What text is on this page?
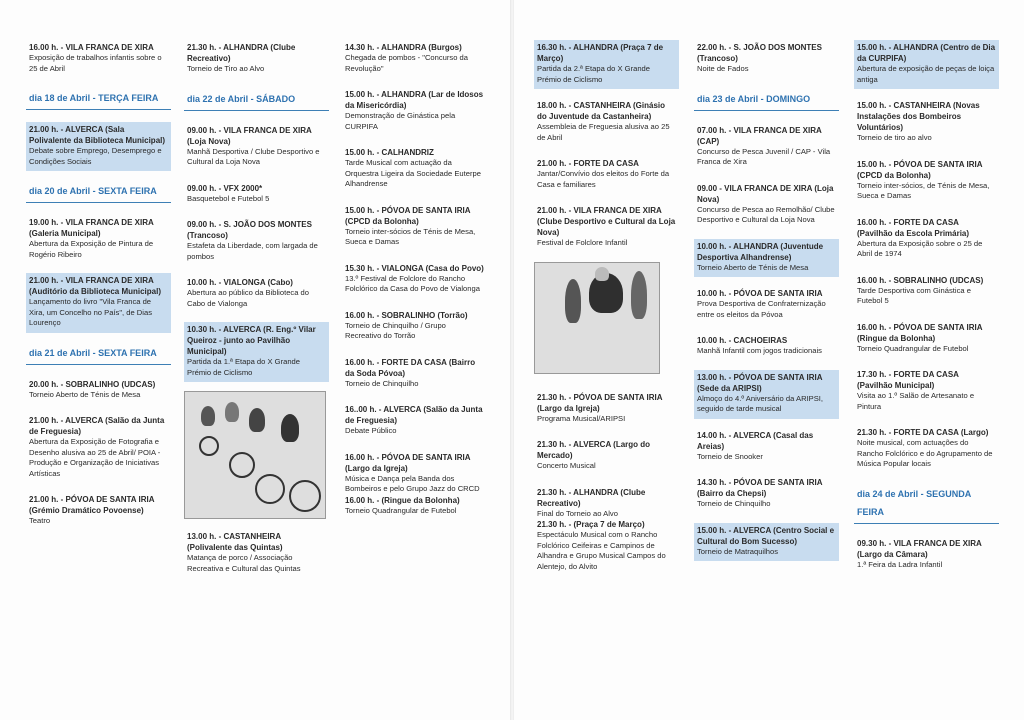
16.00 h. - VILA FRANCA DE XIRA

Exposição de trabalhos infantis sobre o 25 de Abril

dia 18 de Abril - TERÇA FEIRA

21.00 h. - ALVERCA (Sala Polivalente da Biblioteca Municipal)

Debate sobre Emprego, Desemprego e Condições Sociais

dia 20 de Abril - SEXTA FEIRA

19.00 h. - VILA FRANCA DE XIRA (Galeria Municipal)

Abertura da Exposição de Pintura de Rogério Ribeiro

21.00 h. - VILA FRANCA DE XIRA (Auditório da Biblioteca Municipal)

Lançamento do livro "Vila Franca de Xira, um Concelho no País", de Dias Lourenço

dia 21 de Abril - SEXTA FEIRA

20.00 h. - SOBRALINHO (UDCAS)

Torneio Aberto de Ténis de Mesa

21.00 h. - ALVERCA (Salão da Junta de Freguesia)

Abertura da Exposição de Fotografia e Desenho alusiva ao 25 de Abril/ POIA - Produção e Organização de Iniciativas Artísticas

21.00 h. - PÓVOA DE SANTA IRIA (Grémio Dramático Povoense)

Teatro

21.30 h. - ALHANDRA (Clube Recreativo)

Torneio de Tiro ao Alvo

dia 22 de Abril - SÁBADO

09.00 h. - VILA FRANCA DE XIRA (Loja Nova)

Manhã Desportiva / Clube Desportivo e Cultural da Loja Nova

09.00 h. - VFX 2000*

Basquetebol e Futebol 5

09.00 h. - S. JOÃO DOS MONTES (Trancoso)

Estafeta da Liberdade, com largada de pombos

10.00 h. - VIALONGA (Cabo)

Abertura ao público da Biblioteca do Cabo de Vialonga

10.30 h. - ALVERCA (R. Eng.º Vilar Queiroz - junto ao Pavilhão Municipal)

Partida da 1.ª Etapa do X Grande Prémio de Ciclismo

13.00 h. - CASTANHEIRA (Polivalente das Quintas)

Matança de porco / Associação Recreativa e Cultural das Quintas

14.30 h. - ALHANDRA (Burgos)

Chegada de pombos - "Concurso da Revolução"

15.00 h. - ALHANDRA (Lar de Idosos da Misericórdia)

Demonstração de Ginástica pela CURPIFA

15.00 h. - CALHANDRIZ

Tarde Musical com actuação da Orquestra Ligeira da Sociedade Euterpe Alhandrense

15.00 h. - PÓVOA DE SANTA IRIA (CPCD da Bolonha)

Torneio inter-sócios de Ténis de Mesa, Sueca e Damas

15.30 h. - VIALONGA (Casa do Povo)

13.º Festival de Folclore do Rancho Folclórico da Casa do Povo de Vialonga

16.00 h. - SOBRALINHO (Torrão)

Torneio de Chinquilho / Grupo Recreativo do Torrão

16.00 h. - FORTE DA CASA (Bairro da Soda Póvoa)

Torneio de Chinquilho

16..00 h. - ALVERCA (Salão da Junta de Freguesia)

Debate Público

16.00 h. - PÓVOA DE SANTA IRIA (Largo da Igreja)

Música e Dança pela Banda dos Bombeiros e pelo Grupo Jazz do CRCD

16.00 h. - (Ringue da Bolonha)

Torneio Quadrangular de Futebol

16.30 h. - ALHANDRA (Praça 7 de Março)

Partida da 2.ª Etapa do X Grande Prémio de Ciclismo

18.00 h. - CASTANHEIRA (Ginásio do Juventude da Castanheira)

Assembleia de Freguesia alusiva ao 25 de Abril

21.00 h. - FORTE DA CASA

Jantar/Convívio dos eleitos do Forte da Casa e familiares

21.00 h. - VILA FRANCA DE XIRA (Clube Desportivo e Cultural da Loja Nova)

Festival de Folclore Infantil

21.30 h. - PÓVOA DE SANTA IRIA (Largo da Igreja)

Programa Musical/ARIPSI

21.30 h. - ALVERCA (Largo do Mercado)

Concerto Musical

21.30 h. - ALHANDRA (Clube Recreativo)

Final do Torneio ao Alvo

21.30 h. - (Praça 7 de Março)

Espectáculo Musical com o Rancho Folclórico Ceifeiras e Campinos de Alhandra e Grupo Musical Campos do Alentejo, do Alvito

22.00 h. - S. JOÃO DOS MONTES (Trancoso)

Noite de Fados

dia 23 de Abril - DOMINGO

07.00 h. - VILA FRANCA DE XIRA (CAP)

Concurso de Pesca Juvenil / CAP - Vila Franca de Xira

09.00 - VILA FRANCA DE XIRA (Loja Nova)

Concurso de Pesca ao Remolhão/ Clube Desportivo e Cultural da Loja Nova

10.00 h. - ALHANDRA (Juventude Desportiva Alhandrense)

Torneio Aberto de Ténis de Mesa

10.00 h. - PÓVOA DE SANTA IRIA

Prova Desportiva de Confraternização entre os eleitos da Póvoa

10.00 h. - CACHOEIRAS

Manhã Infantil com jogos tradicionais

13.00 h. - PÓVOA DE SANTA IRIA (Sede da ARIPSI)

Almoço do 4.º Aniversário da ARIPSI, seguido de tarde musical

14.00 h. - ALVERCA (Casal das Areias)

Torneio de Snooker

14.30 h. - PÓVOA DE SANTA IRIA (Bairro da Chepsi)

Torneio de Chinquilho

15.00 h. - ALVERCA (Centro Social e Cultural do Bom Sucesso)

Torneio de Matraquilhos

15.00 h. - ALHANDRA (Centro de Dia da CURPIFA)

Abertura de exposição de peças de loiça antiga

15.00 h. - CASTANHEIRA (Novas Instalações dos Bombeiros Voluntários)

Torneio de tiro ao alvo

15.00 h. - PÓVOA DE SANTA IRIA (CPCD da Bolonha)

Torneio inter-sócios, de Ténis de Mesa, Sueca e Damas

16.00 h. - FORTE DA CASA (Pavilhão da Escola Primária)

Abertura da Exposição sobre o 25 de Abril de 1974

16.00 h. - SOBRALINHO (UDCAS)

Tarde Desportiva com Ginástica e Futebol 5

16.00 h. - PÓVOA DE SANTA IRIA (Ringue da Bolonha)

Torneio Quadrangular de Futebol

17.30 h. - FORTE DA CASA (Pavilhão Municipal)

Visita ao 1.º Salão de Artesanato e Pintura

21.30 h. - FORTE DA CASA (Largo)

Noite musical, com actuações do Rancho Folclórico e do Agrupamento de Música Popular locais

dia 24 de Abril - SEGUNDA FEIRA

09.30 h. - VILA FRANCA DE XIRA (Largo da Câmara)

1.ª Feira da Ladra Infantil
